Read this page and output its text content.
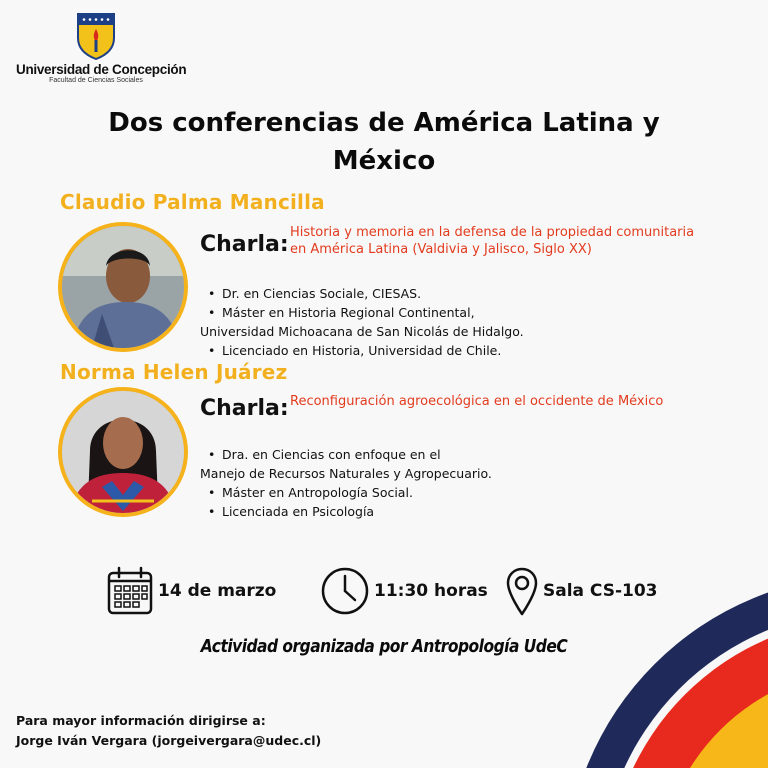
Universidad de Concepción
Facultad de Ciencias Sociales
Dos conferencias de América Latina y México
Claudio Palma Mancilla
Charla: Historia y memoria en la defensa de la propiedad comunitaria en América Latina (Valdivia y Jalisco, Siglo XX)
• Dr. en Ciencias Sociale, CIESAS.
• Máster en Historia Regional Continental,
Universidad Michoacana de San Nicolás de Hidalgo.
• Licenciado en Historia, Universidad de Chile.
Norma Helen Juárez
Charla: Reconfiguración agroecológica en el occidente de México
• Dra. en Ciencias con enfoque en el
Manejo de Recursos Naturales y Agropecuario.
• Máster en Antropología Social.
• Licenciada en Psicología
14 de marzo	11:30 horas	Sala CS-103
Actividad organizada por Antropología UdeC
Para mayor información dirigirse a:
Jorge Iván Vergara (jorgeivergara@udec.cl)
